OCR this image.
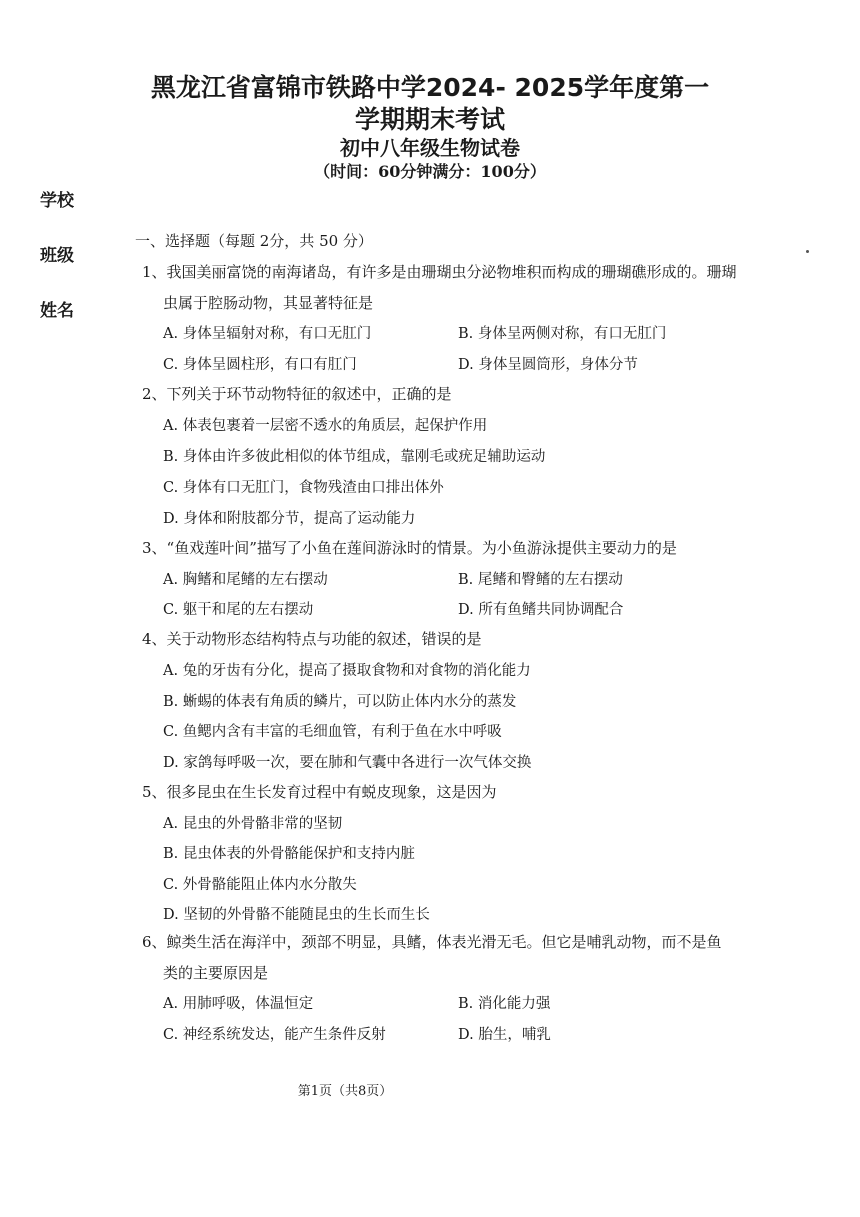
黑龙江省富锦市铁路中学2024- 2025学年度第一
学期期末考试
初中八年级生物试卷
（时间：60分钟满分：100分）
学校
班级
姓名
一、选择题（每题 2分，共 50 分）
1、我国美丽富饶的南海诸岛，有许多是由珊瑚虫分泌物堆积而构成的珊瑚礁形成的。珊瑚
虫属于腔肠动物，其显著特征是
A. 身体呈辐射对称，有口无肛门	B. 身体呈两侧对称，有口无肛门
C. 身体呈圆柱形，有口有肛门	D. 身体呈圆筒形，身体分节
2、下列关于环节动物特征的叙述中，正确的是
A. 体表包裹着一层密不透水的角质层，起保护作用
B. 身体由许多彼此相似的体节组成，靠刚毛或疣足辅助运动
C. 身体有口无肛门，食物残渣由口排出体外
D. 身体和附肢都分节，提高了运动能力
3、“鱼戏莲叶间”描写了小鱼在莲间游泳时的情景。为小鱼游泳提供主要动力的是
A. 胸鳍和尾鳍的左右摆动	B. 尾鳍和臀鳍的左右摆动
C. 躯干和尾的左右摆动	D. 所有鱼鳍共同协调配合
4、关于动物形态结构特点与功能的叙述，错误的是
A. 兔的牙齿有分化，提高了摄取食物和对食物的消化能力
B. 蜥蜴的体表有角质的鳞片，可以防止体内水分的蒸发
C. 鱼鳃内含有丰富的毛细血管，有利于鱼在水中呼吸
D. 家鸽每呼吸一次，要在肺和气囊中各进行一次气体交换
5、很多昆虫在生长发育过程中有蜕皮现象，这是因为
A. 昆虫的外骨骼非常的坚韧
B. 昆虫体表的外骨骼能保护和支持内脏
C. 外骨骼能阻止体内水分散失
D. 坚韧的外骨骼不能随昆虫的生长而生长
6、鲸类生活在海洋中，颈部不明显，具鳍，体表光滑无毛。但它是哺乳动物，而不是鱼
类的主要原因是
A. 用肺呼吸，体温恒定	B. 消化能力强
C. 神经系统发达，能产生条件反射	D. 胎生，哺乳
第1页（共8页）
